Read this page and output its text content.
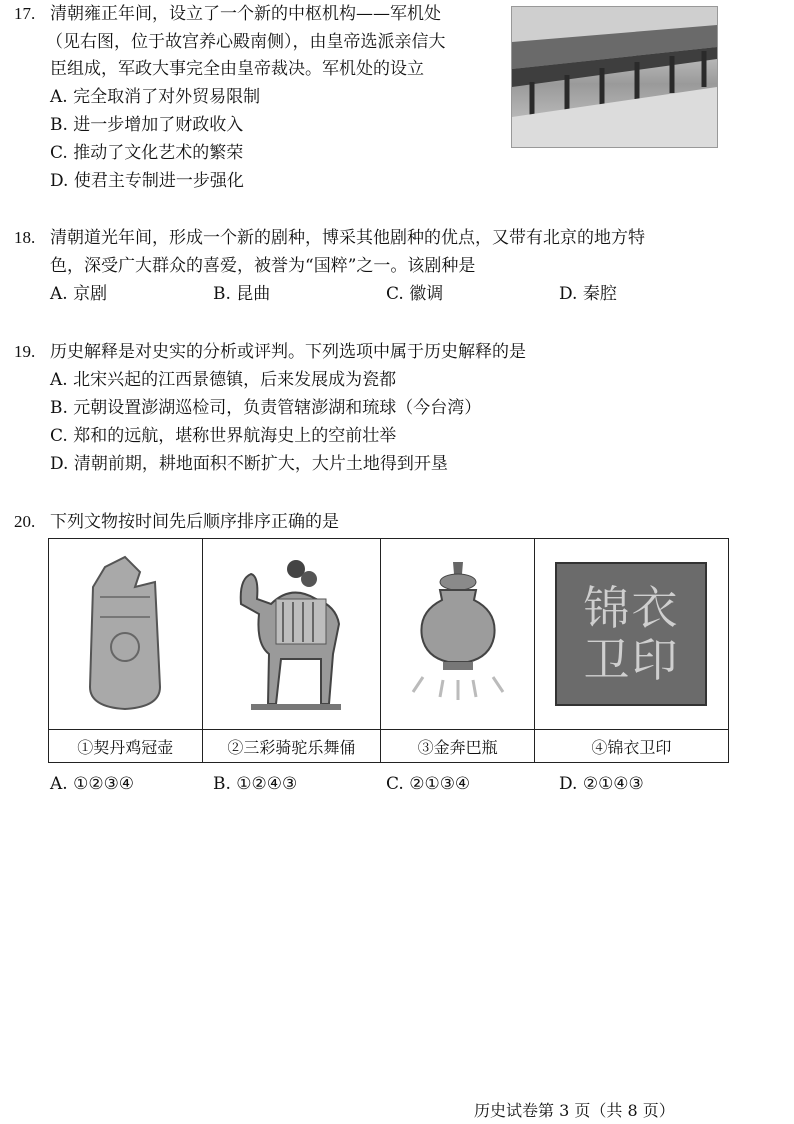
17. 清朝雍正年间，设立了一个新的中枢机构——军机处
（见右图，位于故宫养心殿南侧），由皇帝选派亲信大
臣组成，军政大事完全由皇帝裁决。军机处的设立
A. 完全取消了对外贸易限制
B. 进一步增加了财政收入
C. 推动了文化艺术的繁荣
D. 使君主专制进一步强化
18. 清朝道光年间，形成一个新的剧种，博采其他剧种的优点，又带有北京的地方特
色，深受广大群众的喜爱，被誉为“国粹”之一。该剧种是
A. 京剧	B. 昆曲	C. 徽调	D. 秦腔
19. 历史解释是对史实的分析或评判。下列选项中属于历史解释的是
A. 北宋兴起的江西景德镇，后来发展成为瓷都
B. 元朝设置澎湖巡检司，负责管辖澎湖和琉球（今台湾）
C. 郑和的远航，堪称世界航海史上的空前壮举
D. 清朝前期，耕地面积不断扩大，大片土地得到开垦
20. 下列文物按时间先后顺序排序正确的是

锦衣卫印

①契丹鸡冠壶	②三彩骑驼乐舞俑	③金奔巴瓶	④锦衣卫印
A. ①②③④	B. ①②④③	C. ②①③④	D. ②①④③
历史试卷第 3 页（共 8 页）
